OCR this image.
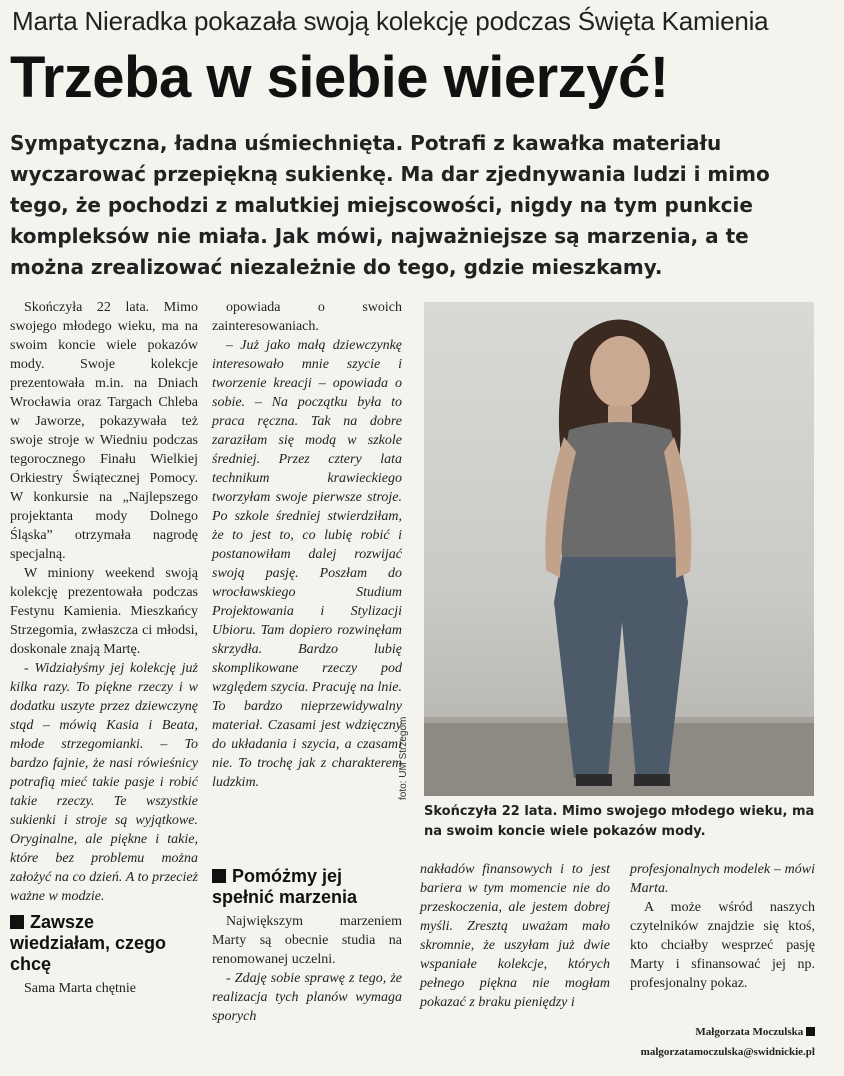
Marta Nieradka pokazała swoją kolekcję podczas Święta Kamienia
Trzeba w siebie wierzyć!
Sympatyczna, ładna uśmiechnięta. Potrafi z kawałka materiału wyczarować przepiękną sukienkę. Ma dar zjednywania ludzi i mimo tego, że pochodzi z malutkiej miejscowości, nigdy na tym punkcie kompleksów nie miała. Jak mówi, najważniejsze są marzenia, a te można zrealizować niezależnie do tego, gdzie mieszkamy.

Skończyła 22 lata. Mimo swojego młodego wieku, ma na swoim koncie wiele pokazów mody. Swoje kolekcje prezentowała m.in. na Dniach Wrocławia oraz Targach Chleba w Jaworze, pokazywała też swoje stroje w Wiedniu podczas tegorocznego Finału Wielkiej Orkiestry Świątecznej Pomocy. W konkursie na „Najlepszego projektanta mody Dolnego Śląska” otrzymała nagrodę specjalną.

W miniony weekend swoją kolekcję prezentowała podczas Festynu Kamienia. Mieszkańcy Strzegomia, zwłaszcza ci młodsi, doskonale znają Martę.

- Widziałyśmy jej kolekcję już kilka razy. To piękne rzeczy i w dodatku uszyte przez dziewczynę stąd – mówią Kasia i Beata, młode strzegomianki. – To bardzo fajnie, że nasi rówieśnicy potrafią mieć takie pasje i robić takie rzeczy. Te wszystkie sukienki i stroje są wyjątkowe. Oryginalne, ale piękne i takie, które bez problemu można założyć na co dzień. A to przecież ważne w modzie.

Zawsze wiedziałam, czego chcę

Sama Marta chętnie

opowiada o swoich zainteresowaniach.

– Już jako małą dziewczynkę interesowało mnie szycie i tworzenie kreacji – opowiada o sobie. – Na początku była to praca ręczna. Tak na dobre zaraziłam się modą w szkole średniej. Przez cztery lata technikum krawieckiego tworzyłam swoje pierwsze stroje. Po szkole średniej stwierdziłam, że to jest to, co lubię robić i postanowiłam dalej rozwijać swoją pasję. Poszłam do wrocławskiego Studium Projektowania i Stylizacji Ubioru. Tam dopiero rozwinęłam skrzydła. Bardzo lubię skomplikowane rzeczy pod względem szycia. Pracuję na lnie. To bardzo nieprzewidywalny materiał. Czasami jest wdzięczny do układania i szycia, a czasami nie. To trochę jak z charakterem ludzkim.	foto: UM Strzegom
Skończyła 22 lata. Mimo swojego młodego wieku, ma na swoim koncie wiele pokazów mody.
Pomóżmy jej spełnić marzenia

Największym marzeniem Marty są obecnie studia na renomowanej uczelni.

- Zdaję sobie sprawę z tego, że realizacja tych planów wymaga sporych

nakładów finansowych i to jest bariera w tym momencie nie do przeskoczenia, ale jestem dobrej myśli. Zresztą uważam mało skromnie, że uszyłam już dwie wspaniałe kolekcje, których pełnego piękna nie mogłam pokazać z braku pieniędzy i

profesjonalnych modelek – mówi Marta.

A może wśród naszych czytelników znajdzie się ktoś, kto chciałby wesprzeć pasję Marty i sfinansować jej np. profesjonalny pokaz.

Małgorzata Moczulska
malgorzatamoczulska@swidnickie.pl
